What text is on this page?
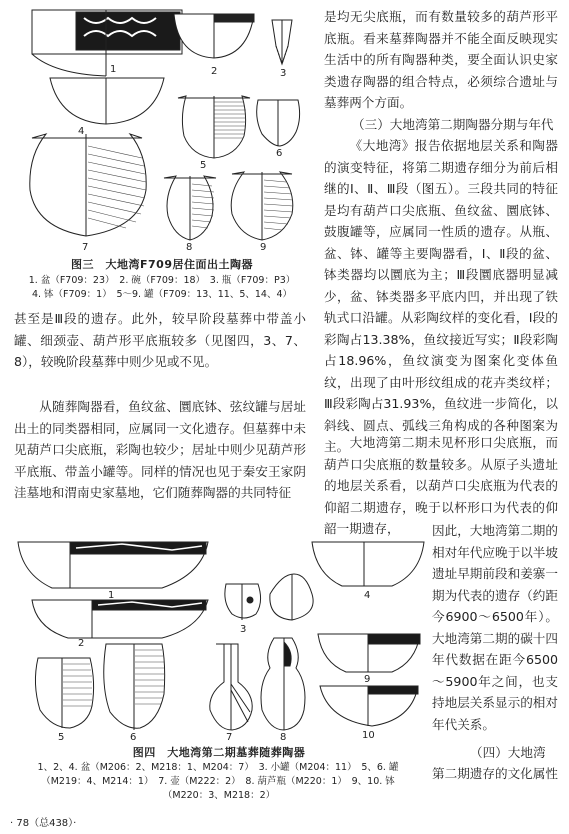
1	2	3
4
5
6
7	8	9

图三　大地湾F709居住面出土陶器

1. 盆（F709：23）　2. 碗（F709：18）　3. 瓶（F709：P3）

4. 钵（F709：1）　5～9. 罐（F709：13、11、5、14、4）

是均无尖底瓶，而有数量较多的葫芦形平底瓶。看来墓葬陶器并不能全面反映现实生活中的所有陶器种类，要全面认识史家类遗存陶器的组合特点，必须综合遗址与墓葬两个方面。

（三）大地湾第二期陶器分期与年代

《大地湾》报告依据地层关系和陶器的演变特征，将第二期遗存细分为前后相继的Ⅰ、Ⅱ、Ⅲ段（图五）。三段共同的特征是均有葫芦口尖底瓶、鱼纹盆、圜底钵、鼓腹罐等，应属同一性质的遗存。从瓶、盆、钵、罐等主要陶器看，Ⅰ、Ⅱ段的盆、钵类器均以圜底为主；Ⅲ段圜底器明显减少，盆、钵类器多平底内凹，并出现了铁轨式口沿罐。从彩陶纹样的变化看，Ⅰ段的彩陶占13.38%，鱼纹接近写实；Ⅱ段彩陶占18.96%，鱼纹演变为图案化变体鱼纹，出现了由叶形纹组成的花卉类纹样；Ⅲ段彩陶占31.93%，鱼纹进一步简化，以斜线、圆点、弧线三角构成的各种图案为主。

甚至是Ⅲ段的遗存。此外，较早阶段墓葬中带盖小罐、细颈壶、葫芦形平底瓶较多（见图四，3、7、8），较晚阶段墓葬中则少见或不见。

从随葬陶器看，鱼纹盆、圜底钵、弦纹罐与居址出土的同类器相同，应属同一文化遗存。但墓葬中未见葫芦口尖底瓶，彩陶也较少；居址中则少见葫芦形平底瓶、带盖小罐等。同样的情况也见于秦安王家阴洼墓地和渭南史家墓地，它们随葬陶器的共同特征

大地湾第二期未见杯形口尖底瓶，而葫芦口尖底瓶的数量较多。从原子头遗址的地层关系看，以葫芦口尖底瓶为代表的仰韶二期遗存，晚于以杯形口为代表的仰韶一期遗存，

1
2
3
4
5	6	7	8
9
10

图四　大地湾第二期墓葬随葬陶器

1、2、4. 盆（M206：2、M218：1、M204：7）　3. 小罐（M204：11）　5、6. 罐

（M219：4、M214：1）　7. 壶（M222：2）　8. 葫芦瓶（M220：1）　9、10. 钵

（M220：3、M218：2）

因此，大地湾第二期的相对年代应晚于以半坡遗址早期前段和姜寨一期为代表的遗存（约距今6900～6500年）。大地湾第二期的碳十四年代数据在距今6500～5900年之间，也支持地层关系显示的相对年代关系。

（四）大地湾

第二期遗存的文化属性

· 78（总438）·
